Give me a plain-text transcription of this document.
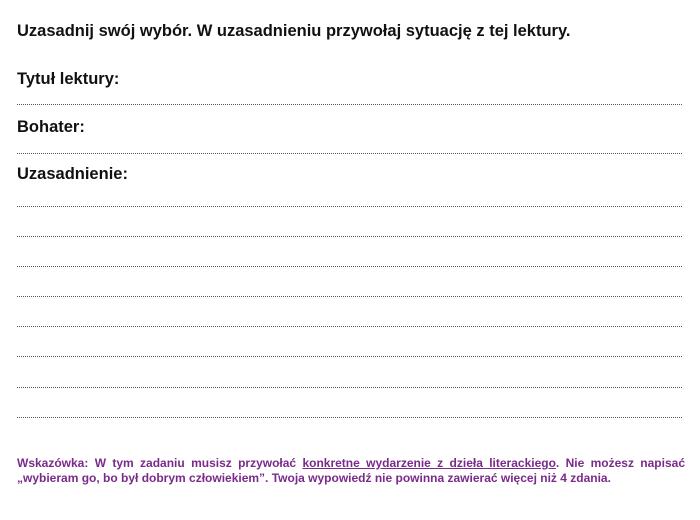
Uzasadnij swój wybór. W uzasadnieniu przywołaj sytuację z tej lektury.
Tytuł lektury:
Bohater:
Uzasadnienie:
Wskazówka: W tym zadaniu musisz przywołać konkretne wydarzenie z dzieła literackiego. Nie możesz napisać „wybieram go, bo był dobrym człowiekiem”. Twoja wypowiedź nie powinna zawierać więcej niż 4 zdania.
